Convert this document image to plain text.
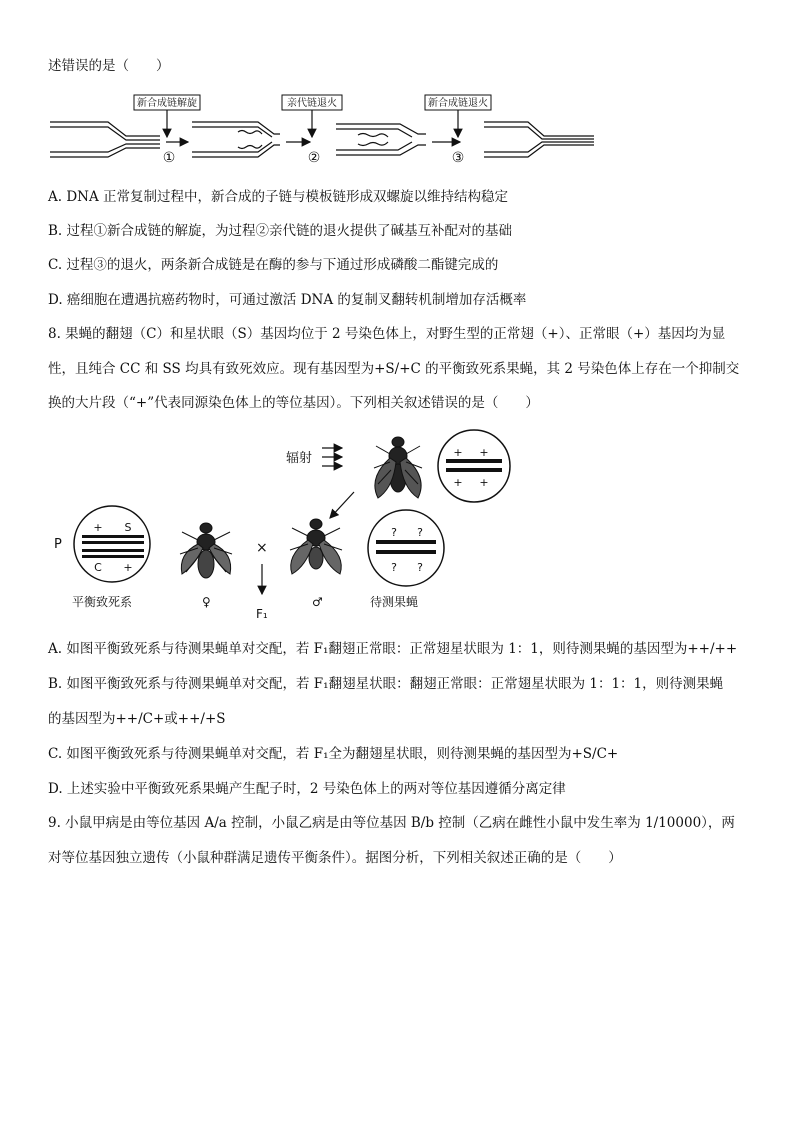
述错误的是（　　）
新合成链解旋	亲代链退火	新合成链退火
①	②	③
A. DNA 正常复制过程中，新合成的子链与模板链形成双螺旋以维持结构稳定
B. 过程①新合成链的解旋，为过程②亲代链的退火提供了碱基互补配对的基础
C. 过程③的退火，两条新合成链是在酶的参与下通过形成磷酸二酯键完成的
D. 癌细胞在遭遇抗癌药物时，可通过激活 DNA 的复制叉翻转机制增加存活概率
8. 果蝇的翻翅（C）和星状眼（S）基因均位于 2 号染色体上，对野生型的正常翅（+）、正常眼（+）基因均为显
性，且纯合 CC 和 SS 均具有致死效应。现有基因型为+S/+C 的平衡致死系果蝇，其 2 号染色体上存在一个抑制交
换的大片段（“+”代表同源染色体上的等位基因）。下列相关叙述错误的是（　　）
辐射	+ +
+ +
P
+ S
C +
平衡致死系	♀
×
F₁
♂
? ?
? ?
待测果蝇
A. 如图平衡致死系与待测果蝇单对交配，若 F₁翻翅正常眼：正常翅星状眼为 1：1，则待测果蝇的基因型为++/++
B. 如图平衡致死系与待测果蝇单对交配，若 F₁翻翅星状眼：翻翅正常眼：正常翅星状眼为 1：1：1，则待测果蝇
的基因型为++/C+或++/+S
C. 如图平衡致死系与待测果蝇单对交配，若 F₁全为翻翅星状眼，则待测果蝇的基因型为+S/C+
D. 上述实验中平衡致死系果蝇产生配子时，2 号染色体上的两对等位基因遵循分离定律
9. 小鼠甲病是由等位基因 A/a 控制，小鼠乙病是由等位基因 B/b 控制（乙病在雌性小鼠中发生率为 1/10000），两
对等位基因独立遗传（小鼠种群满足遗传平衡条件）。据图分析，下列相关叙述正确的是（　　）
